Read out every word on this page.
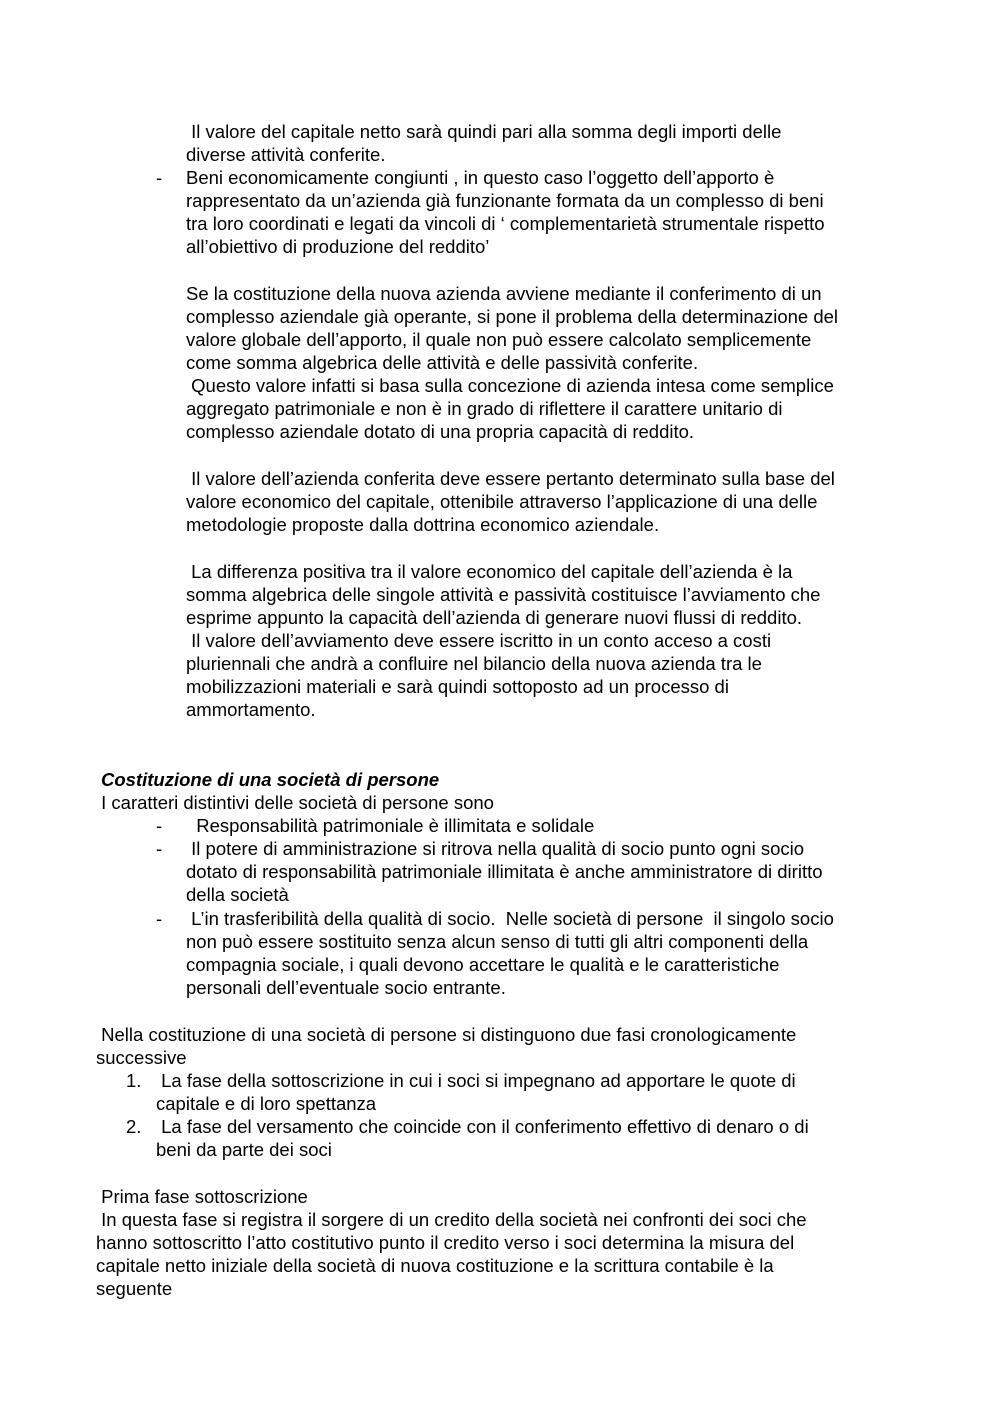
Il valore del capitale netto sarà quindi pari alla somma degli importi delle
diverse attività conferite.
- Beni economicamente congiunti , in questo caso l’oggetto dell’apporto è
rappresentato da un’azienda già funzionante formata da un complesso di beni
tra loro coordinati e legati da vincoli di ‘ complementarietà strumentale rispetto
all’obiettivo di produzione del reddito’
Se la costituzione della nuova azienda avviene mediante il conferimento di un
complesso aziendale già operante, si pone il problema della determinazione del
valore globale dell’apporto, il quale non può essere calcolato semplicemente
come somma algebrica delle attività e delle passività conferite.
Questo valore infatti si basa sulla concezione di azienda intesa come semplice
aggregato patrimoniale e non è in grado di riflettere il carattere unitario di
complesso aziendale dotato di una propria capacità di reddito.
Il valore dell’azienda conferita deve essere pertanto determinato sulla base del
valore economico del capitale, ottenibile attraverso l’applicazione di una delle
metodologie proposte dalla dottrina economico aziendale.
La differenza positiva tra il valore economico del capitale dell’azienda è la
somma algebrica delle singole attività e passività costituisce l’avviamento che
esprime appunto la capacità dell’azienda di generare nuovi flussi di reddito.
Il valore dell’avviamento deve essere iscritto in un conto acceso a costi
pluriennali che andrà a confluire nel bilancio della nuova azienda tra le
mobilizzazioni materiali e sarà quindi sottoposto ad un processo di
ammortamento.
Costituzione di una società di persone
I caratteri distintivi delle società di persone sono
- Responsabilità patrimoniale è illimitata e solidale
- Il potere di amministrazione si ritrova nella qualità di socio punto ogni socio
dotato di responsabilità patrimoniale illimitata è anche amministratore di diritto
della società
- L’in trasferibilità della qualità di socio.  Nelle società di persone  il singolo socio
non può essere sostituito senza alcun senso di tutti gli altri componenti della
compagnia sociale, i quali devono accettare le qualità e le caratteristiche
personali dell’eventuale socio entrante.
Nella costituzione di una società di persone si distinguono due fasi cronologicamente
successive
1. La fase della sottoscrizione in cui i soci si impegnano ad apportare le quote di
capitale e di loro spettanza
2. La fase del versamento che coincide con il conferimento effettivo di denaro o di
beni da parte dei soci
Prima fase sottoscrizione
In questa fase si registra il sorgere di un credito della società nei confronti dei soci che
hanno sottoscritto l’atto costitutivo punto il credito verso i soci determina la misura del
capitale netto iniziale della società di nuova costituzione e la scrittura contabile è la
seguente
